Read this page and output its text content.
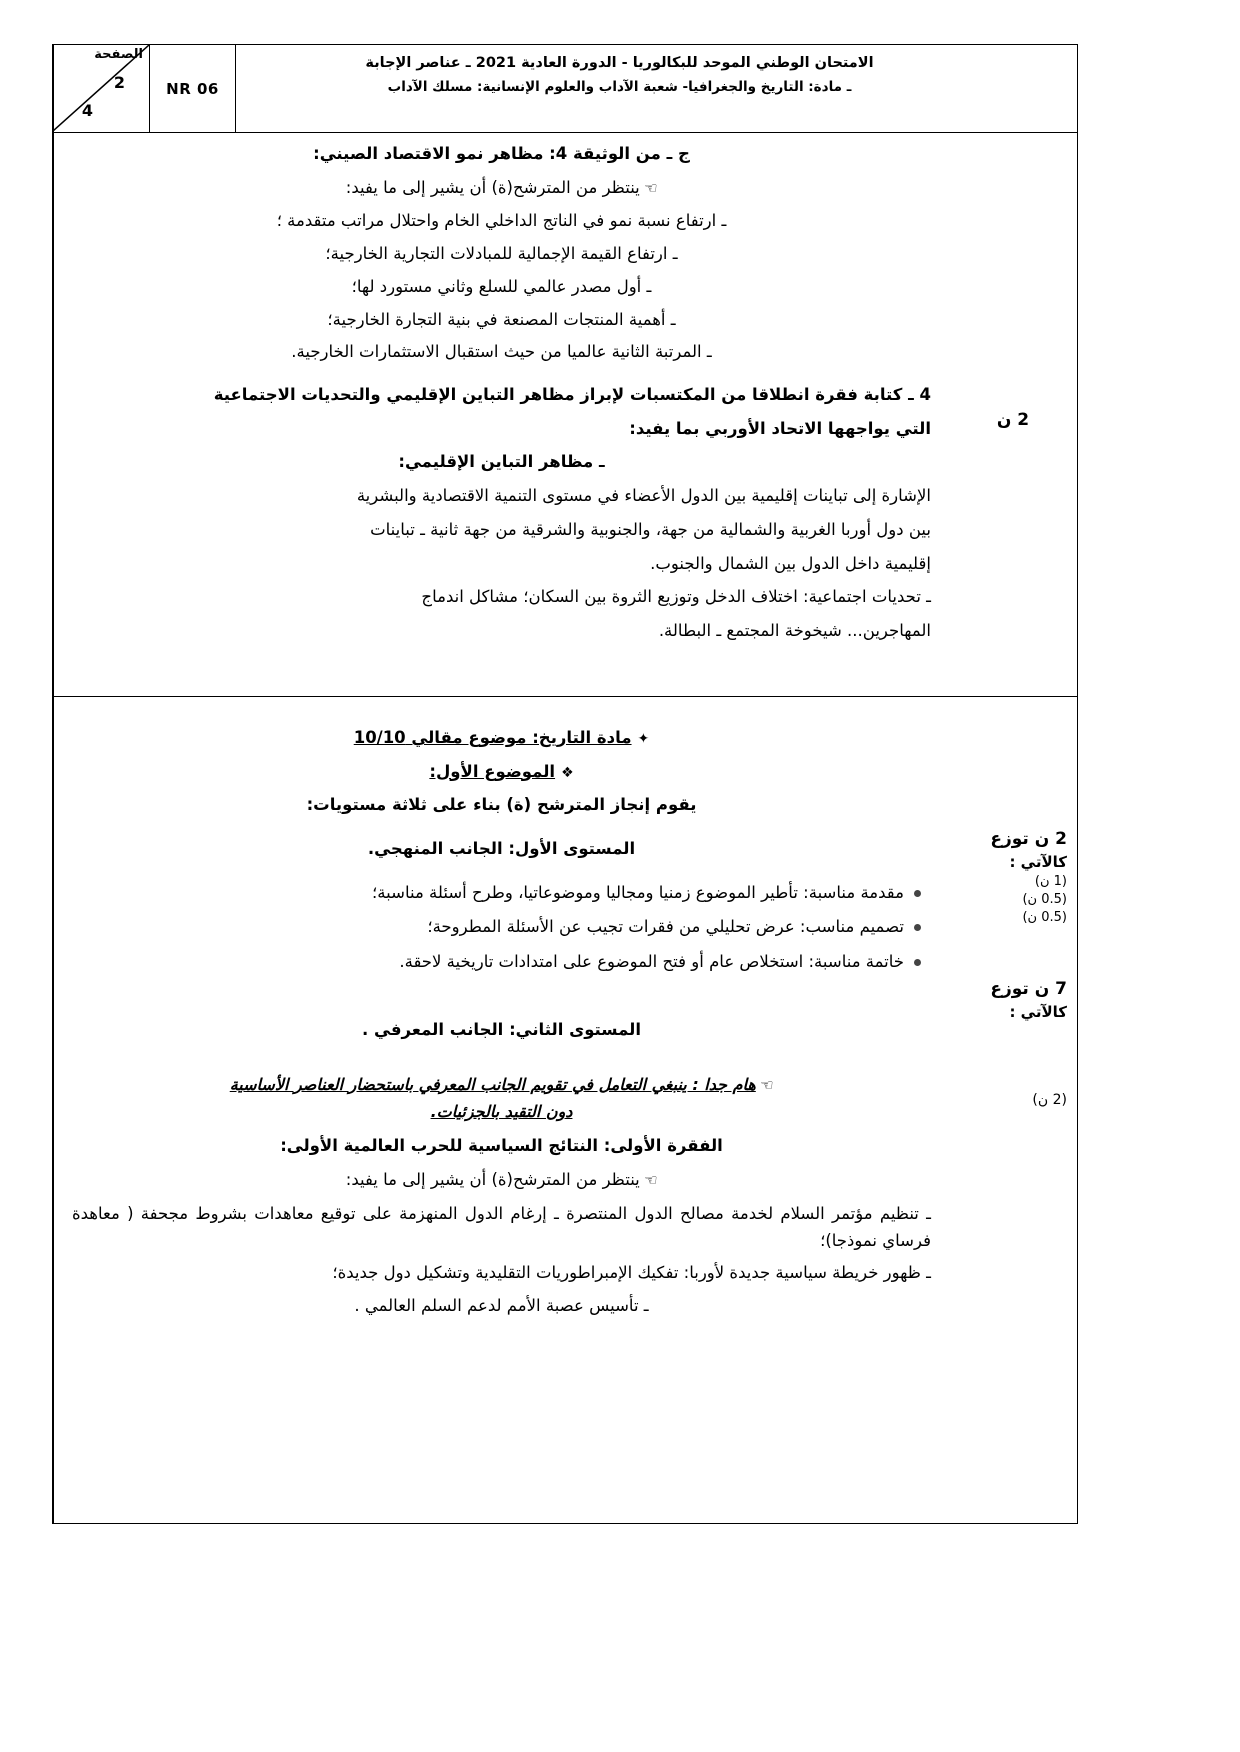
الامتحان الوطني الموحد للبكالوريا - الدورة العادية 2021 ـ عناصر الإجابة
ـ مادة: التاريخ والجغرافيا- شعبة الآداب والعلوم الإنسانية: مسلك الآداب
NR 06
الصفحة
2
4
2 ن
2 ن توزع
كالآتي :
(1 ن)
(0.5 ن)
(0.5 ن)
7 ن توزع
كالآتي :
(2 ن)

ج ـ من الوثيقة 4: مظاهر نمو الاقتصاد الصيني:

☞ينتظر من المترشح(ة) أن يشير إلى ما يفيد:

ـ ارتفاع نسبة نمو في الناتج الداخلي الخام واحتلال مراتب متقدمة ؛

ـ ارتفاع القيمة الإجمالية للمبادلات التجارية الخارجية؛

ـ أول مصدر عالمي للسلع وثاني مستورد لها؛

ـ أهمية المنتجات المصنعة في بنية التجارة الخارجية؛

ـ المرتبة الثانية عالميا من حيث استقبال الاستثمارات الخارجية.

4 ـ كتابة فقرة انطلاقا من المكتسبات لإبراز مظاهر التباين الإقليمي والتحديات الاجتماعية

التي يواجهها الاتحاد الأوربي بما يفيد:

ـ مظاهر التباين الإقليمي:

الإشارة إلى تباينات إقليمية بين الدول الأعضاء في مستوى التنمية الاقتصادية والبشرية

بين دول أوربا الغربية والشمالية من جهة، والجنوبية والشرقية من جهة ثانية ـ تباينات

إقليمية داخل الدول بين الشمال والجنوب.

ـ تحديات اجتماعية: اختلاف الدخل وتوزيع الثروة بين السكان؛ مشاكل اندماج

المهاجرين... شيخوخة المجتمع ـ البطالة.

✦مادة التاريخ: موضوع مقالي 10/10

❖الموضوع الأول:

يقوم إنجاز المترشح (ة) بناء على ثلاثة مستويات:

المستوى الأول: الجانب المنهجي.

مقدمة مناسبة: تأطير الموضوع زمنيا ومجاليا وموضوعاتيا، وطرح أسئلة مناسبة؛
تصميم مناسب: عرض تحليلي من فقرات تجيب عن الأسئلة المطروحة؛
خاتمة مناسبة: استخلاص عام أو فتح الموضوع على امتدادات تاريخية لاحقة.

المستوى الثاني: الجانب المعرفي .

☞هام جدا : ينبغي التعامل في تقويم الجانب المعرفي باستحضار العناصر الأساسية

دون التقيد بالجزئيات.

الفقرة الأولى: النتائج السياسية للحرب العالمية الأولى:

☞ينتظر من المترشح(ة) أن يشير إلى ما يفيد:

ـ تنظيم مؤتمر السلام لخدمة مصالح الدول المنتصرة ـ إرغام الدول المنهزمة على توقيع معاهدات بشروط مجحفة ( معاهدة فرساي نموذجا)؛

ـ ظهور خريطة سياسية جديدة لأوربا: تفكيك الإمبراطوريات التقليدية وتشكيل دول جديدة؛

ـ تأسيس عصبة الأمم لدعم السلم العالمي .
